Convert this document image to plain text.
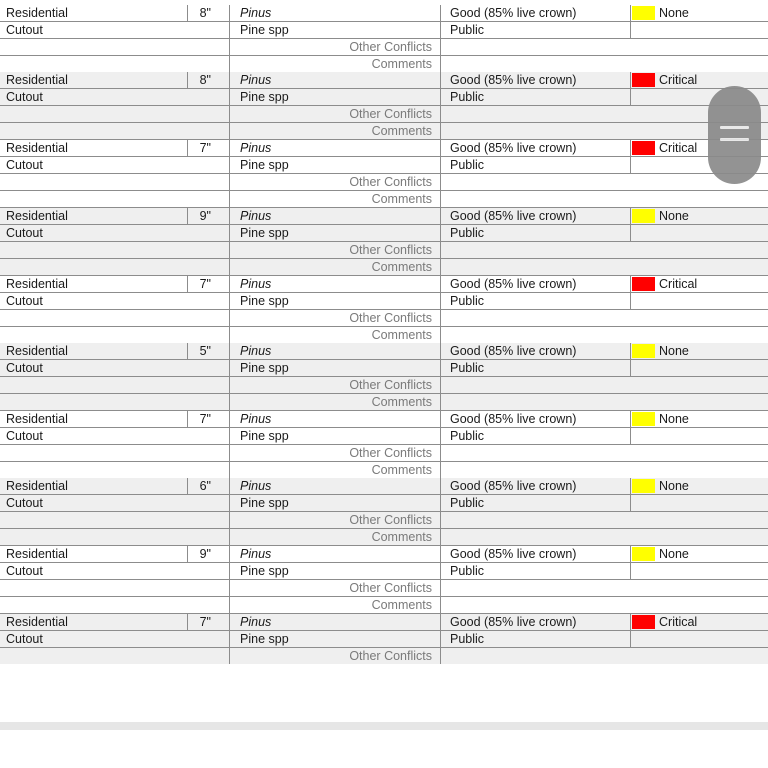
Residential	8"	Pinus	Good (85% live crown)	None
Cutout	Pine spp	Public
Other Conflicts
Comments
Residential	8"	Pinus	Good (85% live crown)	Critical
Cutout	Pine spp	Public
Other Conflicts
Comments
Residential	7"	Pinus	Good (85% live crown)	Critical
Cutout	Pine spp	Public
Other Conflicts
Comments
Residential	9"	Pinus	Good (85% live crown)	None
Cutout	Pine spp	Public
Other Conflicts
Comments
Residential	7"	Pinus	Good (85% live crown)	Critical
Cutout	Pine spp	Public
Other Conflicts
Comments
Residential	5"	Pinus	Good (85% live crown)	None
Cutout	Pine spp	Public
Other Conflicts
Comments
Residential	7"	Pinus	Good (85% live crown)	None
Cutout	Pine spp	Public
Other Conflicts
Comments
Residential	6"	Pinus	Good (85% live crown)	None
Cutout	Pine spp	Public
Other Conflicts
Comments
Residential	9"	Pinus	Good (85% live crown)	None
Cutout	Pine spp	Public
Other Conflicts
Comments
Residential	7"	Pinus	Good (85% live crown)	Critical
Cutout	Pine spp	Public
Other Conflicts
